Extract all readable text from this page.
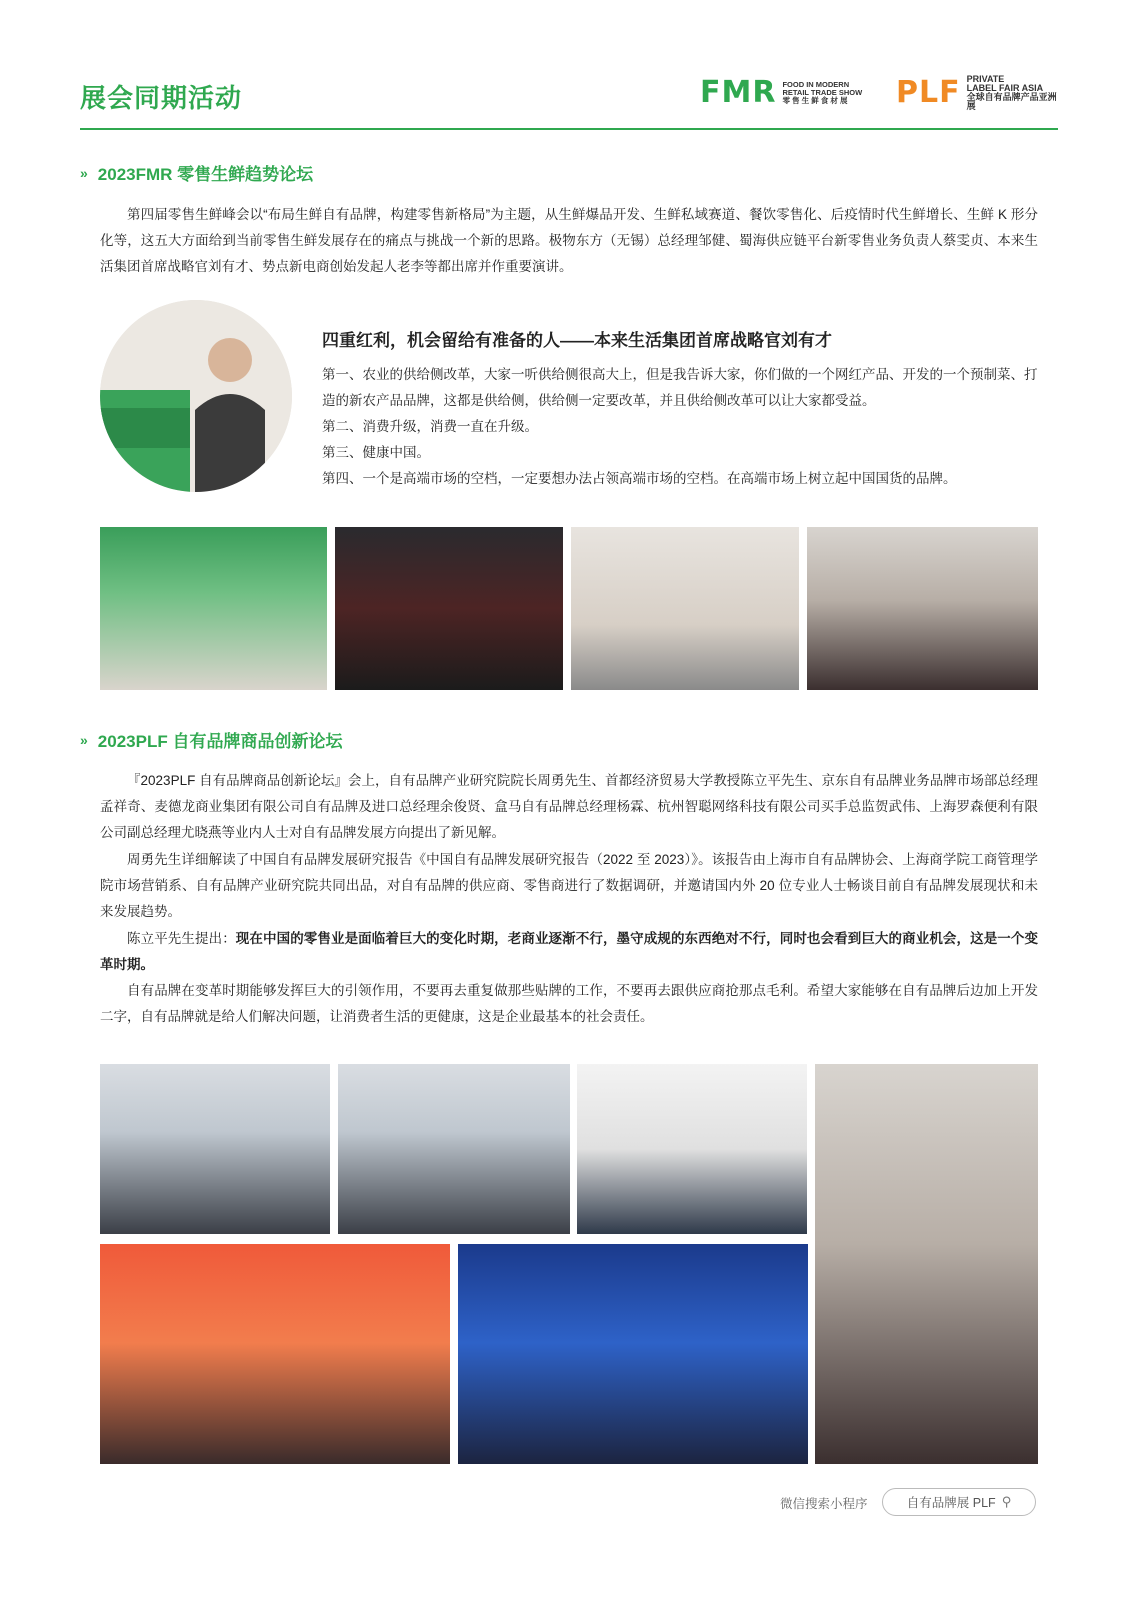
展会同期活动	FMR FOOD IN MODERN
RETAIL TRADE SHOW
零 售 生 鲜 食 材 展	PLF PRIVATE
LABEL FAIR ASIA
全球自有品牌产品亚洲展
» 2023FMR 零售生鲜趋势论坛

第四届零售生鲜峰会以“布局生鲜自有品牌，构建零售新格局”为主题，从生鲜爆品开发、生鲜私域赛道、餐饮零售化、后疫情时代生鲜增长、生鲜 K 形分化等，这五大方面给到当前零售生鲜发展存在的痛点与挑战一个新的思路。极物东方（无锡）总经理邹健、蜀海供应链平台新零售业务负责人蔡雯贞、本来生活集团首席战略官刘有才、势点新电商创始发起人老李等都出席并作重要演讲。

四重红利，机会留给有准备的人——本来生活集团首席战略官刘有才
第一、农业的供给侧改革，大家一听供给侧很高大上，但是我告诉大家，你们做的一个网红产品、开发的一个预制菜、打造的新农产品品牌，这都是供给侧，供给侧一定要改革，并且供给侧改革可以让大家都受益。
第二、消费升级，消费一直在升级。
第三、健康中国。
第四、一个是高端市场的空档，一定要想办法占领高端市场的空档。在高端市场上树立起中国国货的品牌。
» 2023PLF 自有品牌商品创新论坛

『2023PLF 自有品牌商品创新论坛』会上，自有品牌产业研究院院长周勇先生、首都经济贸易大学教授陈立平先生、京东自有品牌业务品牌市场部总经理孟祥奇、麦德龙商业集团有限公司自有品牌及进口总经理余俊贤、盒马自有品牌总经理杨霖、杭州智聪网络科技有限公司买手总监贺武伟、上海罗森便利有限公司副总经理尤晓燕等业内人士对自有品牌发展方向提出了新见解。

周勇先生详细解读了中国自有品牌发展研究报告《中国自有品牌发展研究报告（2022 至 2023）》。该报告由上海市自有品牌协会、上海商学院工商管理学院市场营销系、自有品牌产业研究院共同出品，对自有品牌的供应商、零售商进行了数据调研，并邀请国内外 20 位专业人士畅谈目前自有品牌发展现状和未来发展趋势。

陈立平先生提出：现在中国的零售业是面临着巨大的变化时期，老商业逐渐不行，墨守成规的东西绝对不行，同时也会看到巨大的商业机会，这是一个变革时期。

自有品牌在变革时期能够发挥巨大的引领作用，不要再去重复做那些贴牌的工作，不要再去跟供应商抢那点毛利。希望大家能够在自有品牌后边加上开发二字，自有品牌就是给人们解决问题，让消费者生活的更健康，这是企业最基本的社会责任。

微信搜索小程序	自有品牌展 PLF ⚲
